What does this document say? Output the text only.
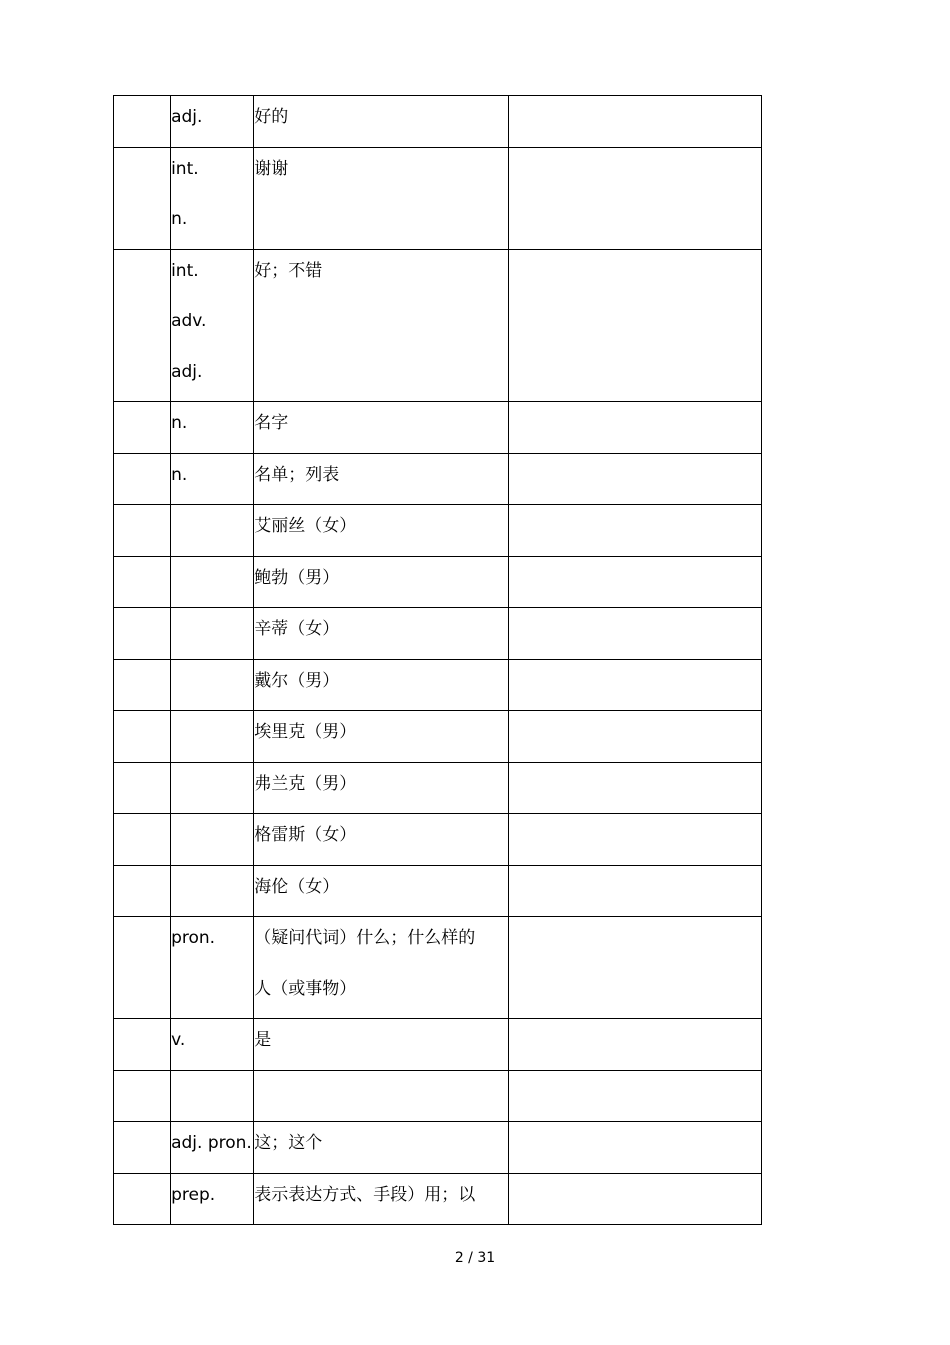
	adj.	好的	

	int.
n.	谢谢	

	int.
adv.
adj.	好；不错	

	n.	名字	

	n.	名单；列表	

		艾丽丝（女）	

		鲍勃（男）	

		辛蒂（女）	

		戴尔（男）	

		埃里克（男）	

		弗兰克（男）	

		格雷斯（女）	

		海伦（女）	

	pron.	（疑问代词）什么；什么样的
人（或事物）	

	v.	是	

	adj. pron.	这；这个	

	prep.	表示表达方式、手段）用；以	

2 / 31
